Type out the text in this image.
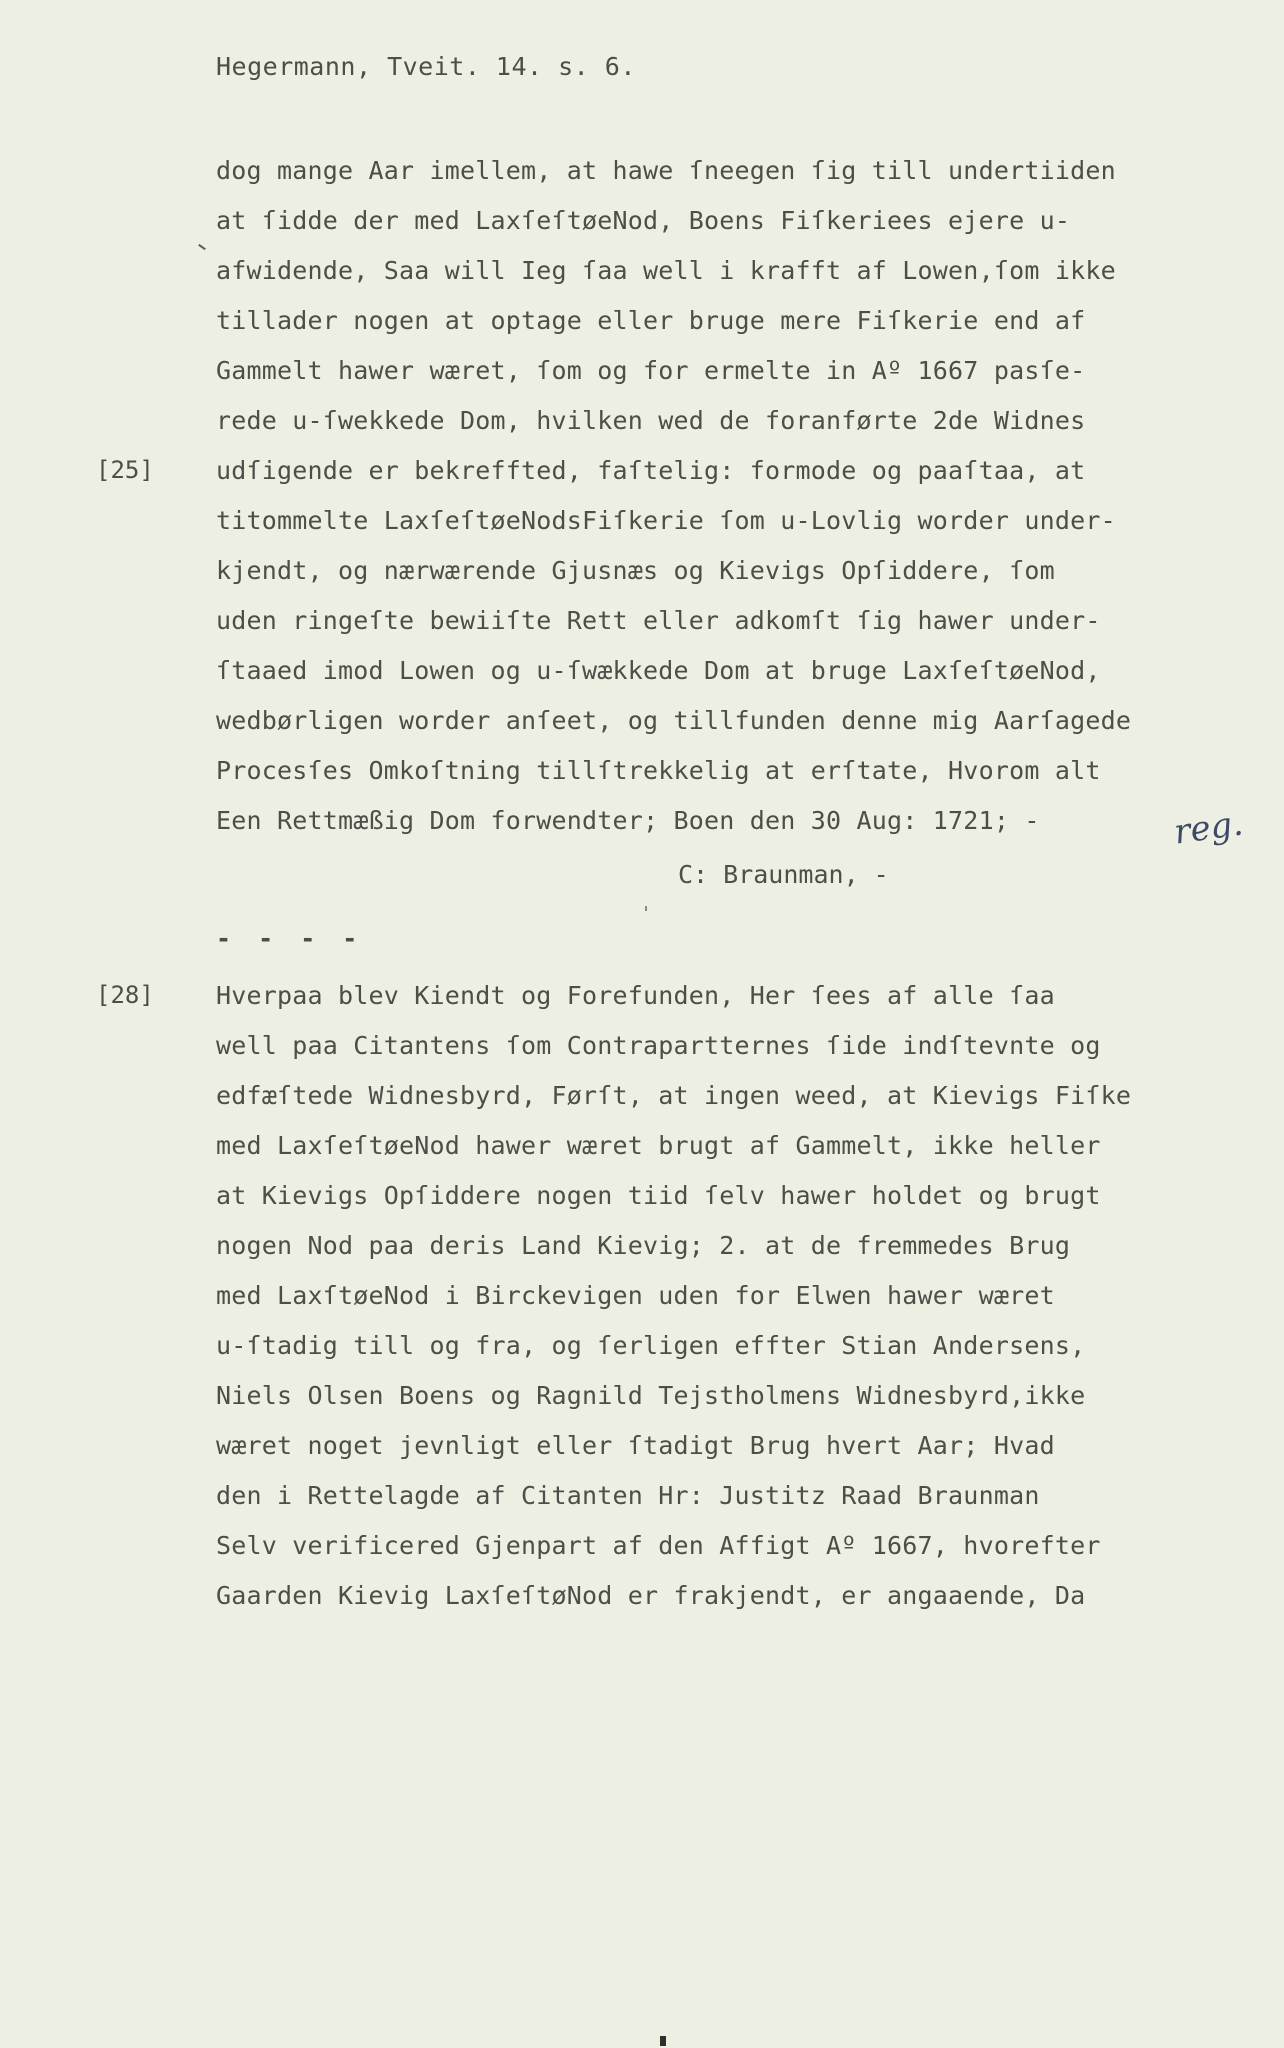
Hegermann, Tveit. 14. s. 6.
dog mange Aar imellem, at hawe ſneegen ſig till undertiiden
at ſidde der med LaxſeſtøeNod, Boens Fiſkeriees ejere u-
afwidende, Saa will Ieg ſaa well i krafft af Lowen,ſom ikke
tillader nogen at optage eller bruge mere Fiſkerie end af
Gammelt hawer wæret, ſom og for ermelte in Aº 1667 pasſe-
rede u-ſwekkede Dom, hvilken wed de foranførte 2de Widnes
udſigende er bekreffted, faſtelig: formode og paaſtaa, at
titommelte LaxſeſtøeNodsFiſkerie ſom u-Lovlig worder under-
kjendt, og nærwærende Gjusnæs og Kievigs Opſiddere, ſom
uden ringeſte bewiiſte Rett eller adkomſt ſig hawer under-
ſtaaed imod Lowen og u-ſwækkede Dom at bruge LaxſeſtøeNod,
wedbørligen worder anſeet, og tillfunden denne mig Aarſagede
Procesſes Omkoſtning tillſtrekkelig at erſtate, Hvorom alt
Een Rettmæßig Dom forwendter; Boen den 30 Aug: 1721; -
C: Braunman, -
[25]
reg.
- - - -
[28] Hverpaa blev Kiendt og Forefunden, Her ſees af alle ſaa
well paa Citantens ſom Contrapartternes ſide indſtevnte og
edfæſtede Widnesbyrd, Førſt, at ingen weed, at Kievigs Fiſke
med LaxſeſtøeNod hawer wæret brugt af Gammelt, ikke heller
at Kievigs Opſiddere nogen tiid ſelv hawer holdet og brugt
nogen Nod paa deris Land Kievig; 2. at de fremmedes Brug
med LaxſtøeNod i Birckevigen uden for Elwen hawer wæret
u-ſtadig till og fra, og ſerligen effter Stian Andersens,
Niels Olsen Boens og Ragnild Tejstholmens Widnesbyrd,ikke
wæret noget jevnligt eller ſtadigt Brug hvert Aar; Hvad
den i Rettelagde af Citanten Hr: Justitz Raad Braunman
Selv verificered Gjenpart af den Affigt Aº 1667, hvorefter
Gaarden Kievig LaxſeſtøNod er frakjendt, er angaaende, Da
